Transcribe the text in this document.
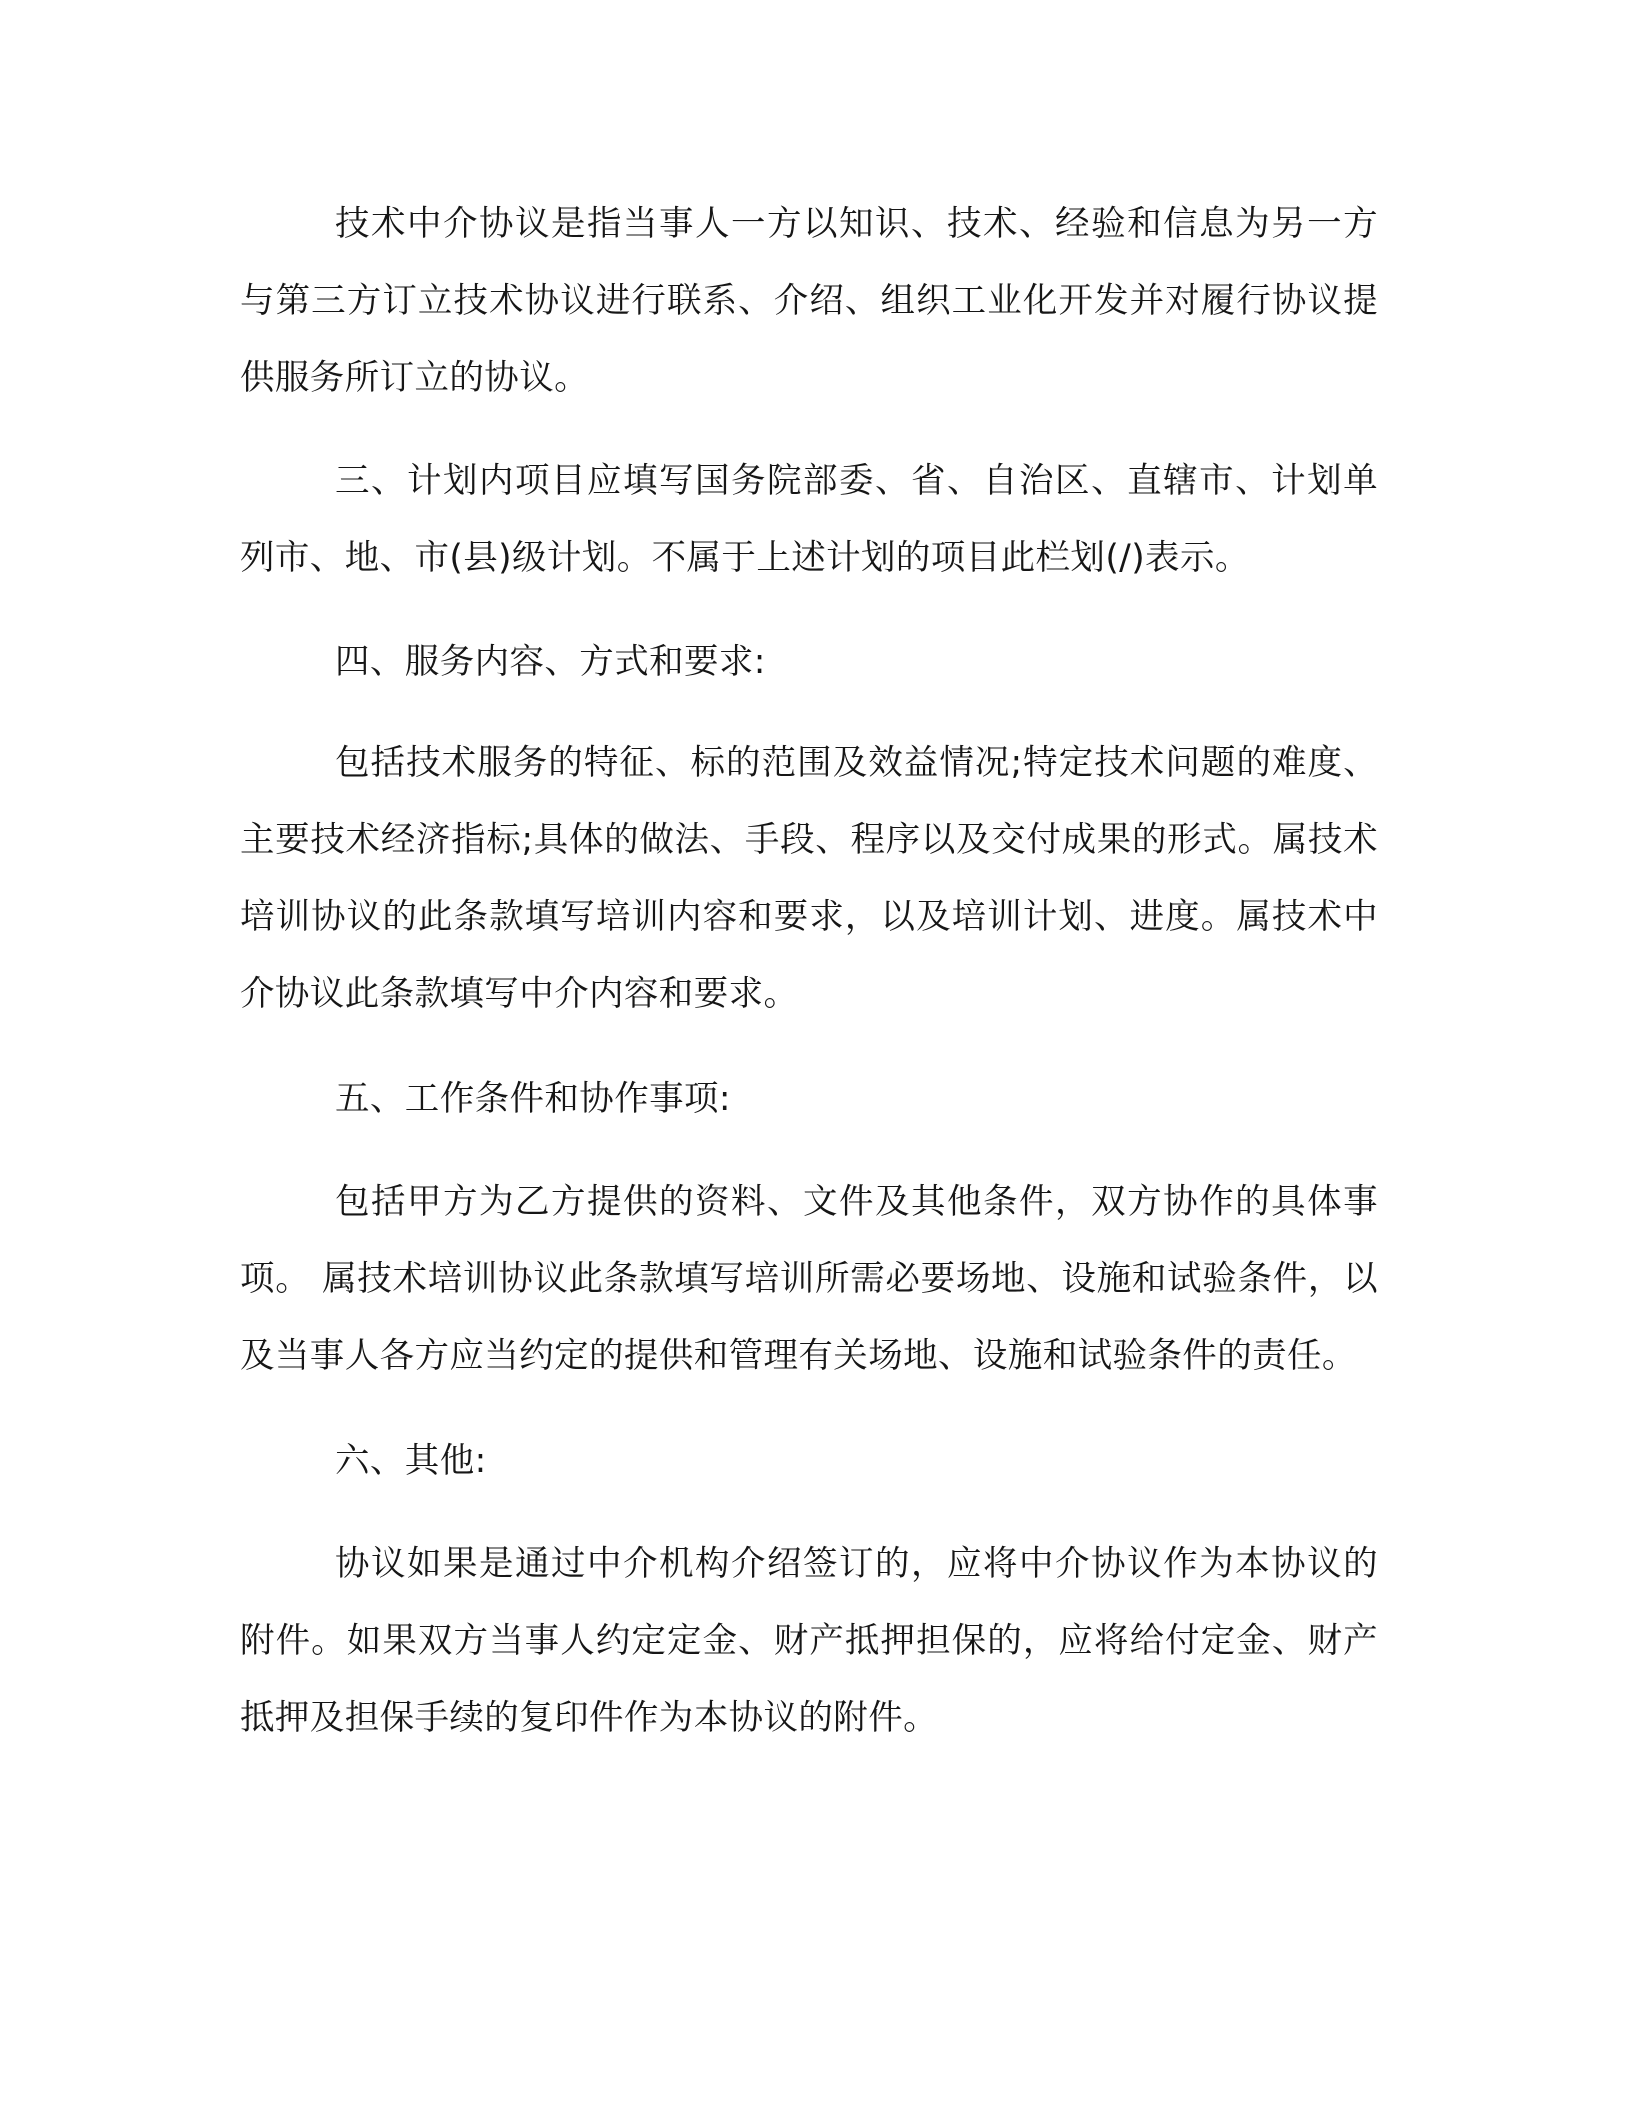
技术中介协议是指当事人一方以知识、技术、经验和信息为另一方与第三方订立技术协议进行联系、介绍、组织工业化开发并对履行协议提供服务所订立的协议。

三、计划内项目应填写国务院部委、省、自治区、直辖市、计划单列市、地、市(县)级计划。不属于上述计划的项目此栏划(/)表示。

四、服务内容、方式和要求:

包括技术服务的特征、标的范围及效益情况;特定技术问题的难度、主要技术经济指标;具体的做法、手段、程序以及交付成果的形式。属技术培训协议的此条款填写培训内容和要求，以及培训计划、进度。属技术中介协议此条款填写中介内容和要求。

五、工作条件和协作事项:

包括甲方为乙方提供的资料、文件及其他条件，双方协作的具体事项。 属技术培训协议此条款填写培训所需必要场地、设施和试验条件，以及当事人各方应当约定的提供和管理有关场地、设施和试验条件的责任。

六、其他:

协议如果是通过中介机构介绍签订的，应将中介协议作为本协议的附件。如果双方当事人约定定金、财产抵押担保的，应将给付定金、财产抵押及担保手续的复印件作为本协议的附件。
